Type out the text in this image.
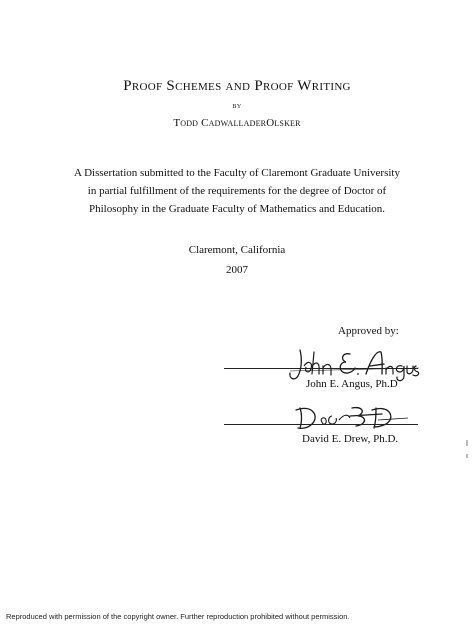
Proof Schemes and Proof Writing
by
Todd CadwalladerOlsker
A Dissertation submitted to the Faculty of Claremont Graduate University
in partial fulfillment of the requirements for the degree of Doctor of
Philosophy in the Graduate Faculty of Mathematics and Education.
Claremont, California
2007
Approved by:
John E. Angus, Ph.D
David E. Drew, Ph.D.
Reproduced with permission of the copyright owner. Further reproduction prohibited without permission.
